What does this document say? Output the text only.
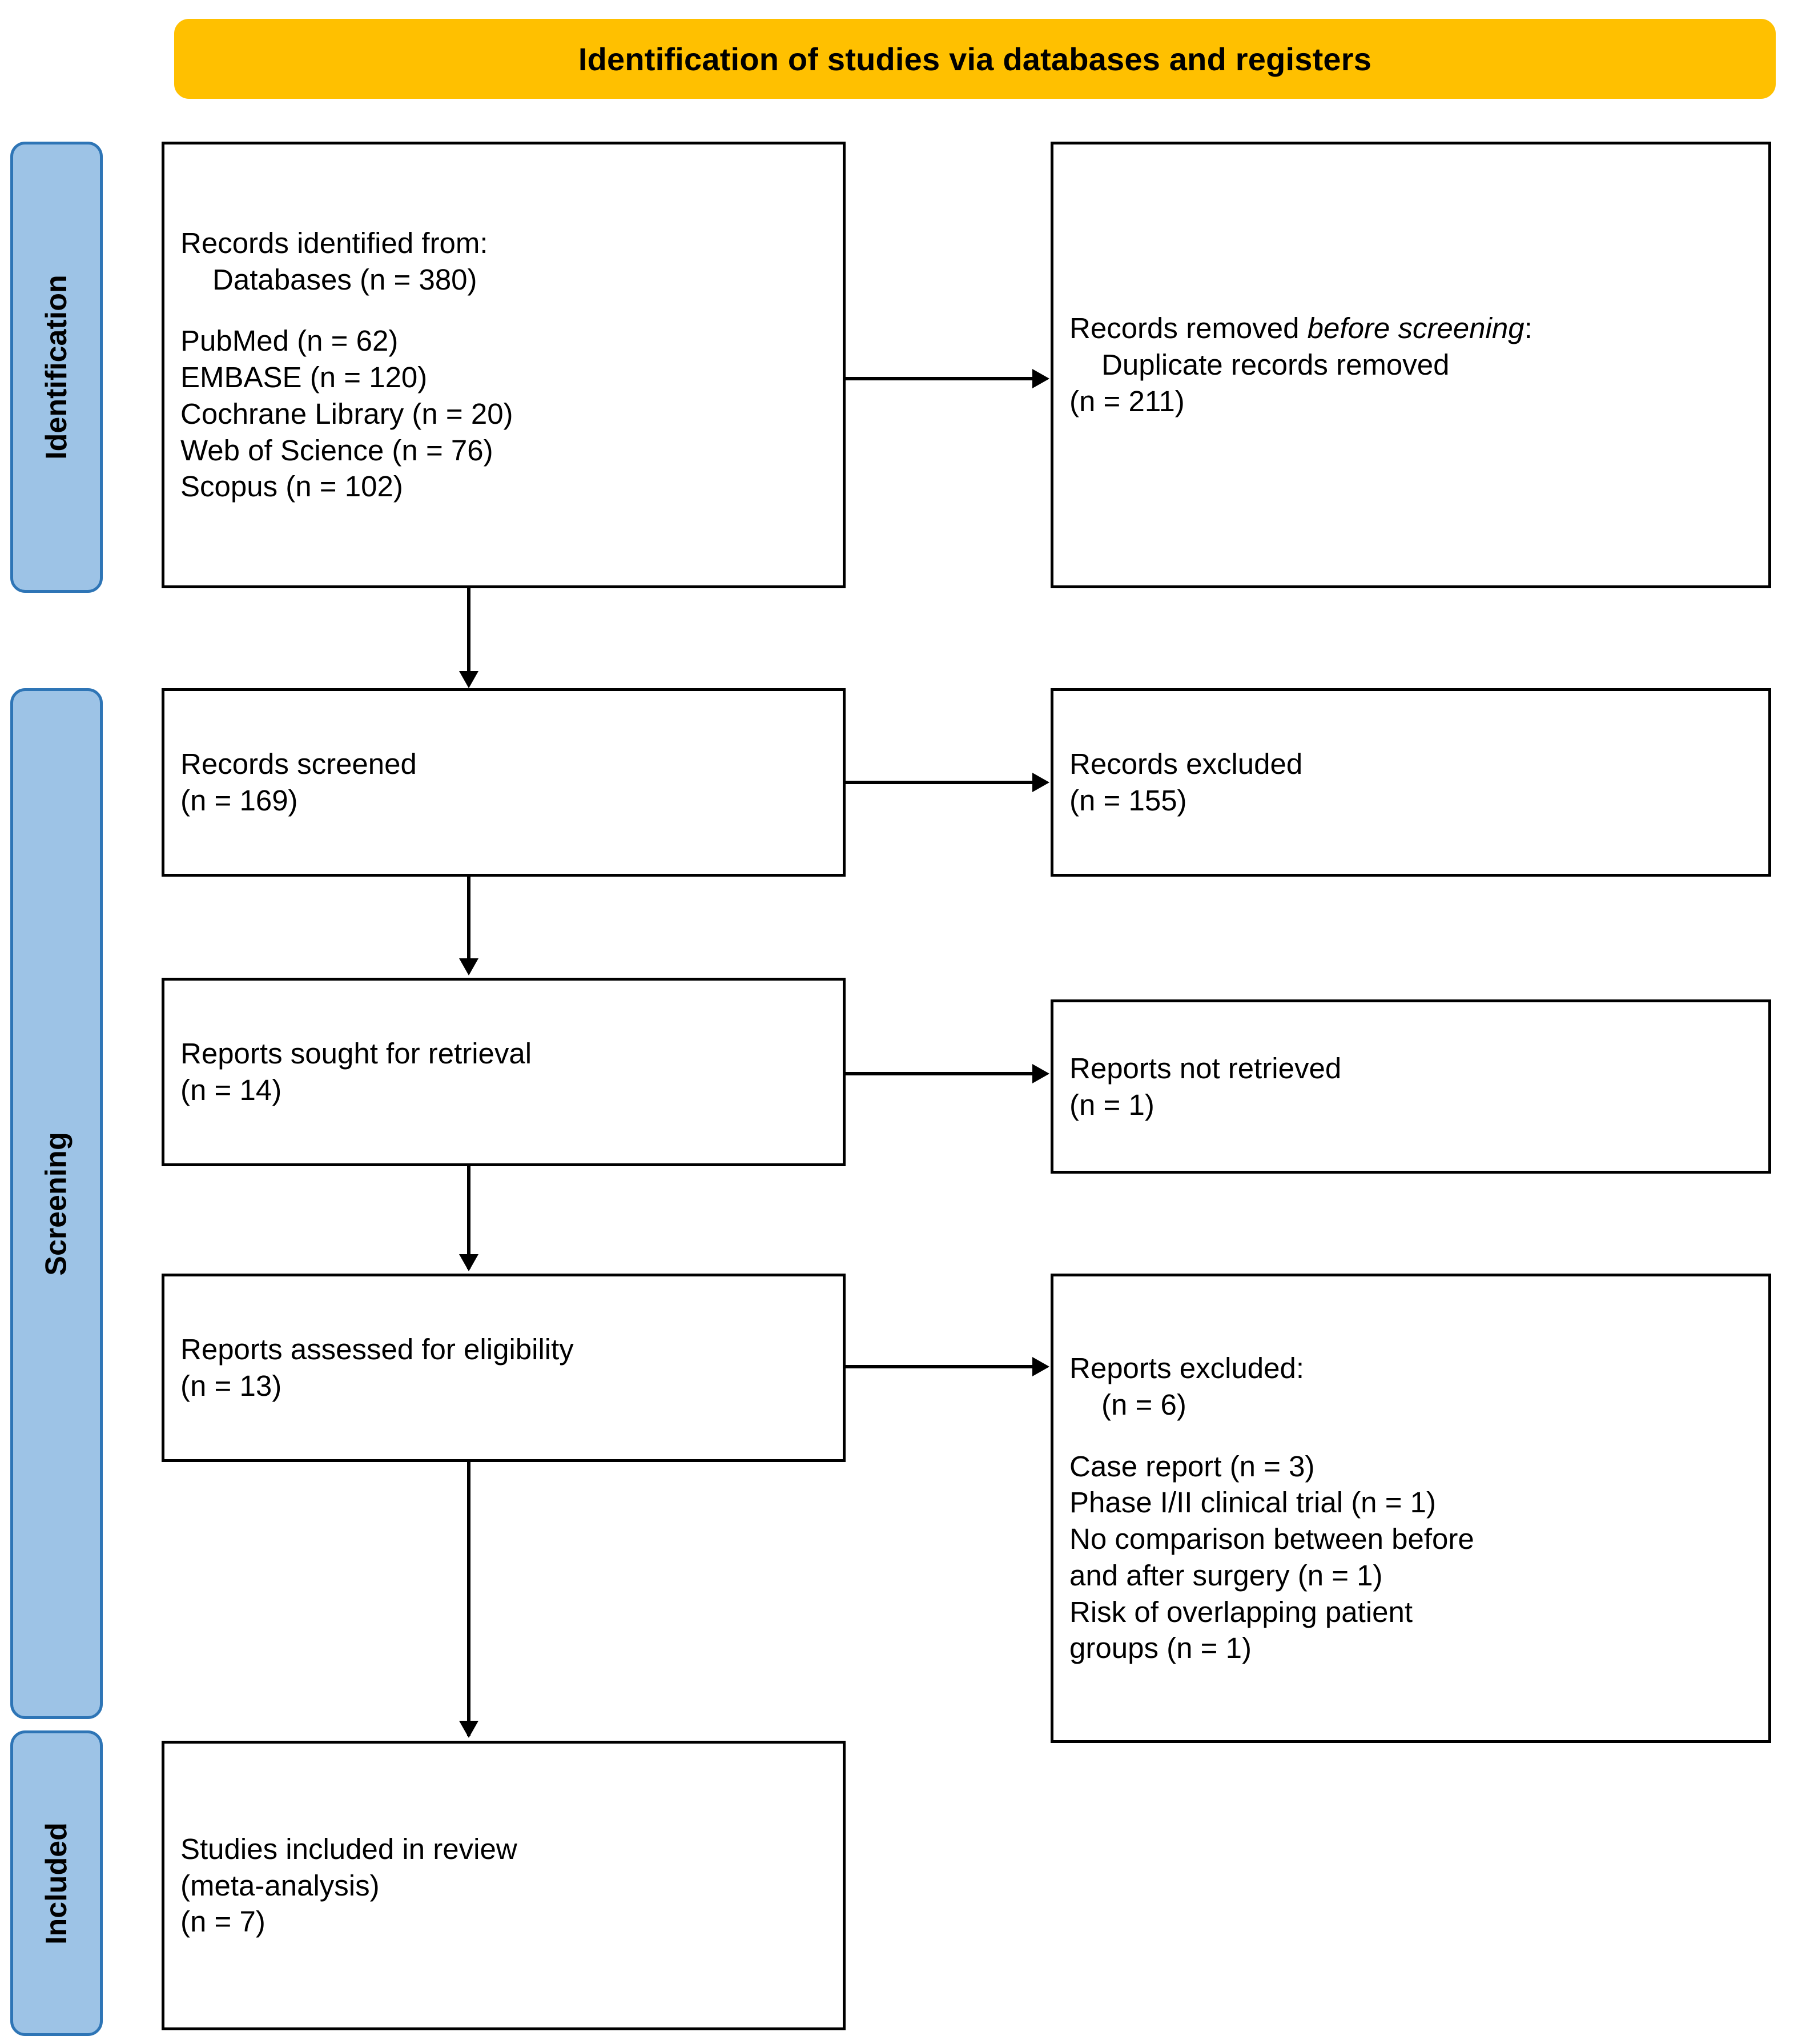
Identification of studies via databases and registers
Identification
Screening
Included

Records identified from:

Databases (n = 380)

PubMed (n = 62)

EMBASE (n = 120)

Cochrane Library (n = 20)

Web of Science (n = 76)

Scopus (n = 102)

Records removed before screening:

Duplicate records removed

(n = 211)

Records screened

(n = 169)

Records excluded

(n = 155)

Reports sought for retrieval

(n = 14)

Reports not retrieved

(n = 1)

Reports assessed for eligibility

(n = 13)

Reports excluded:

(n = 6)

Case report (n = 3)

Phase I/II clinical trial (n = 1)

No comparison between before

and after surgery (n = 1)

Risk of overlapping patient

groups (n = 1)

Studies included in review

(meta-analysis)

(n = 7)
